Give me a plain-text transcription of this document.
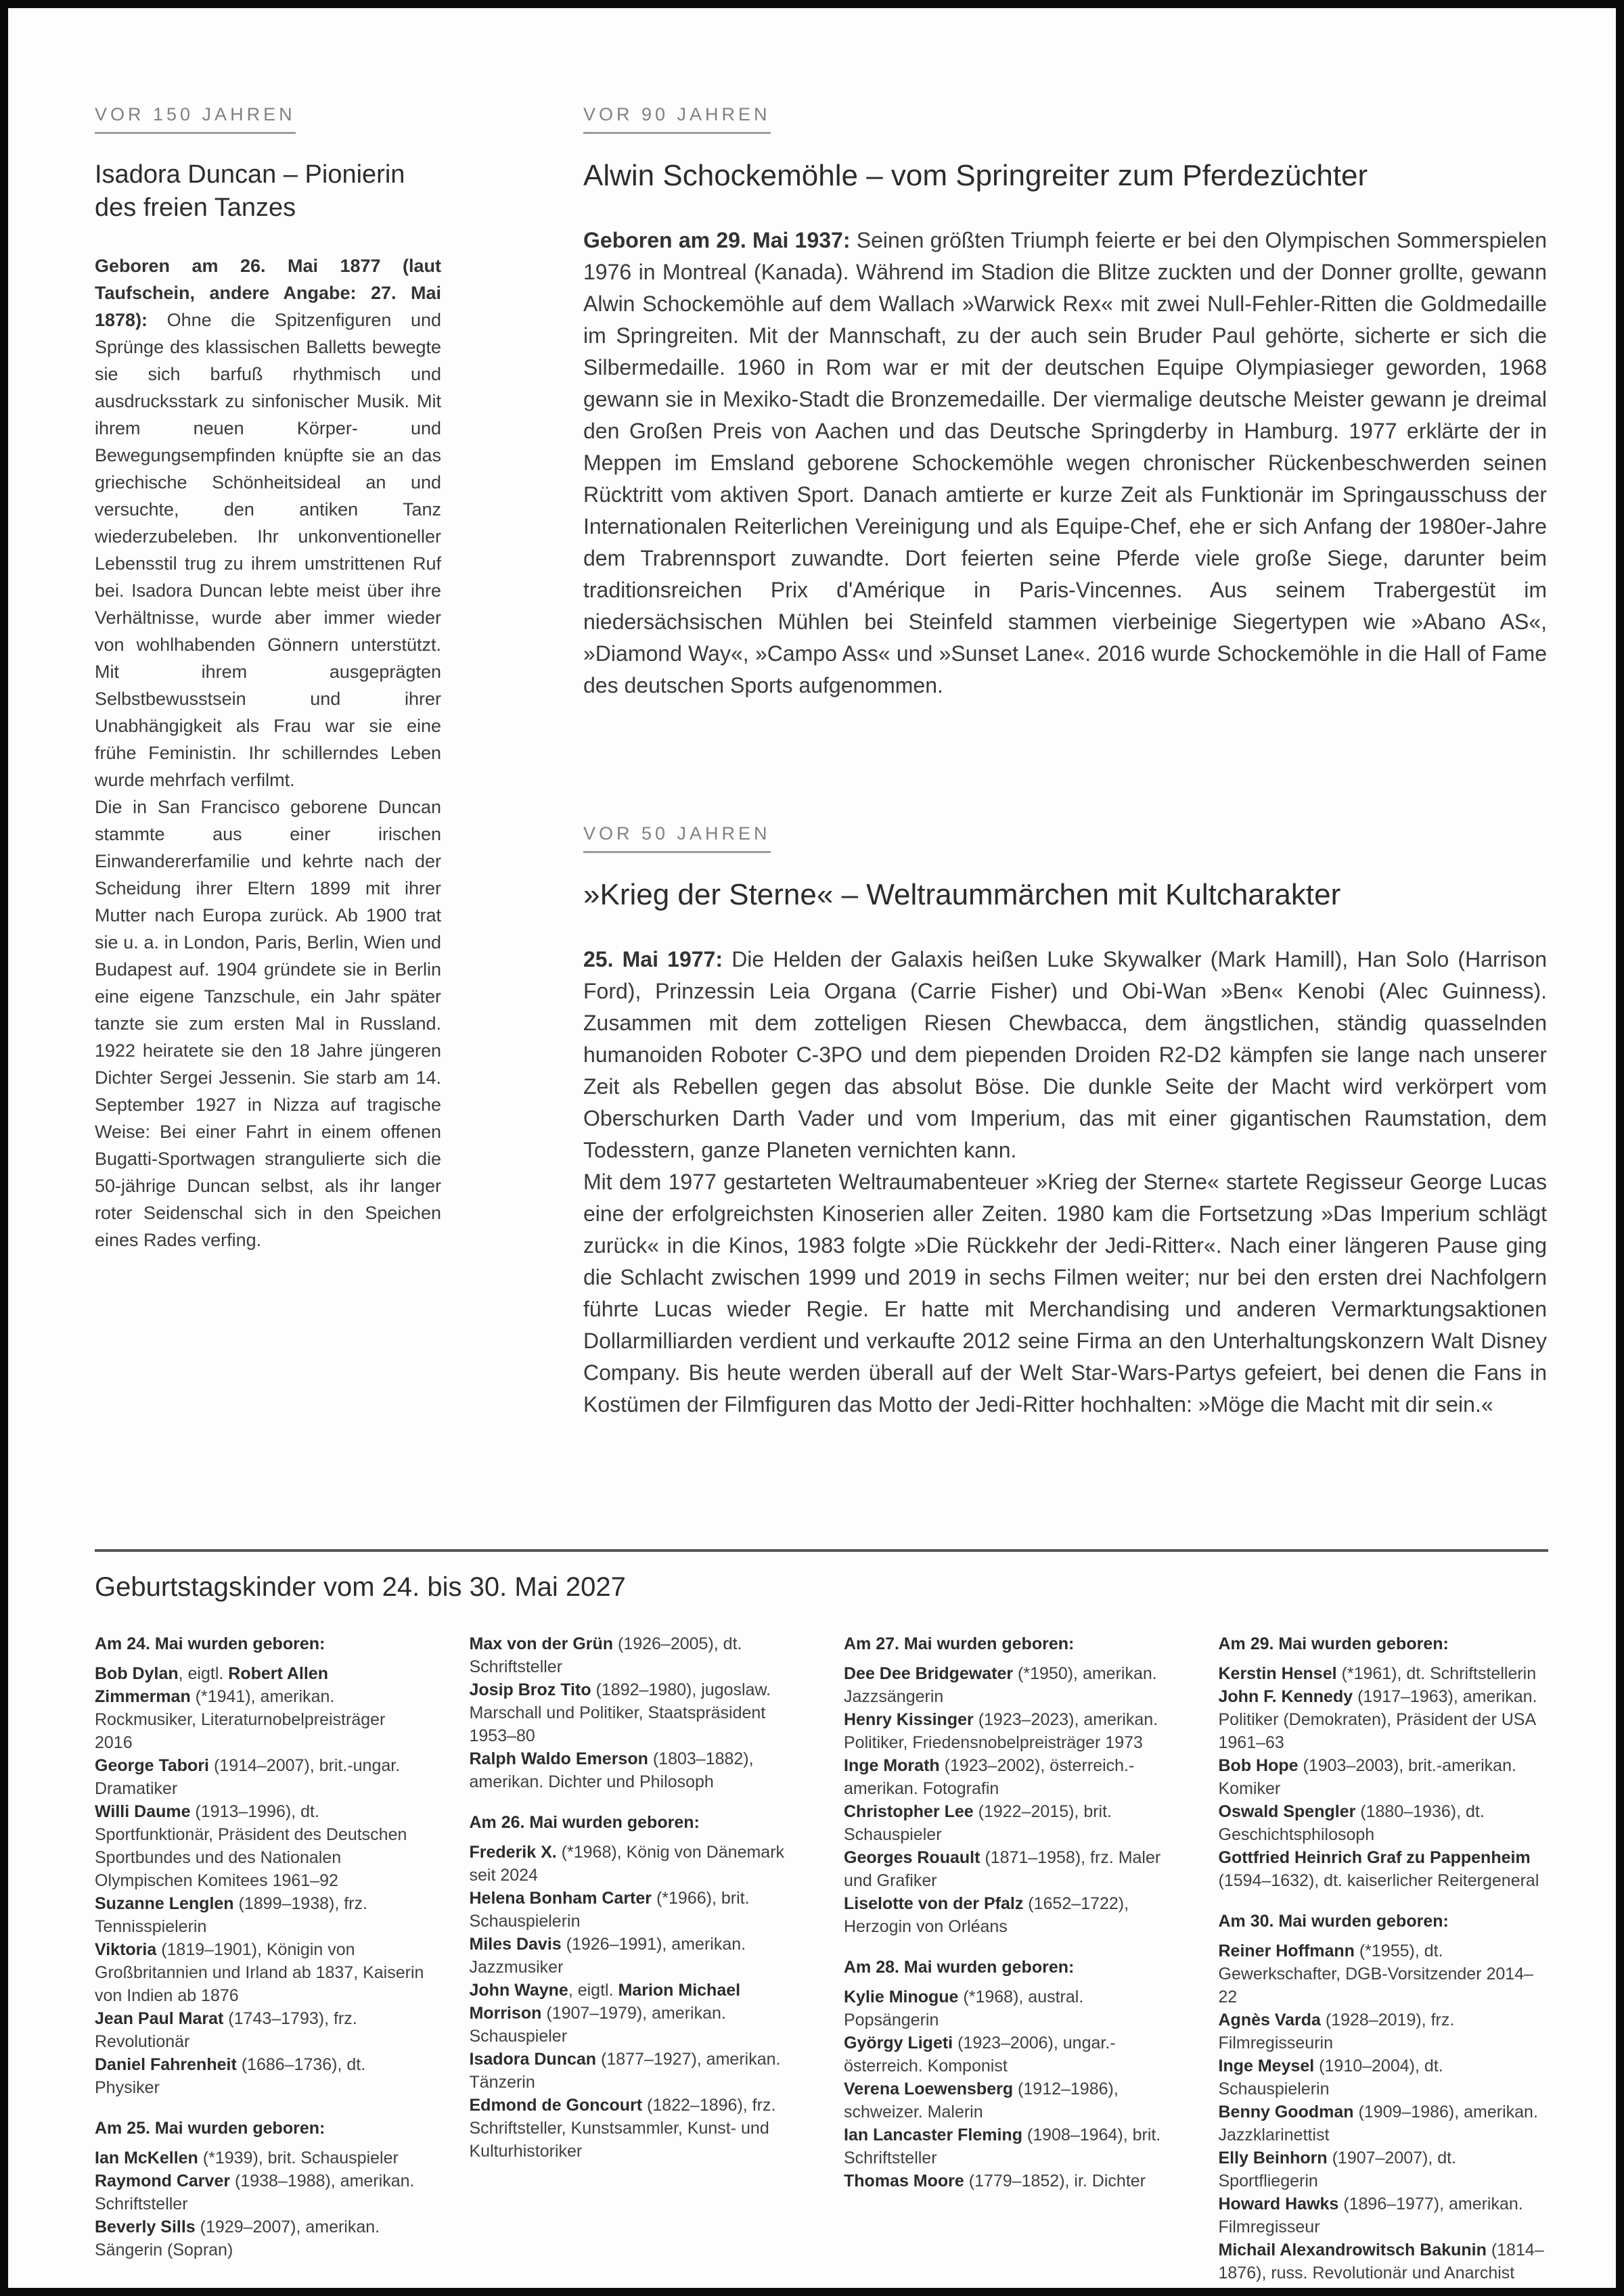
VOR 150 JAHREN
Isadora Duncan – Pionierin des freien Tanzes

Geboren am 26. Mai 1877 (laut Taufschein, andere Angabe: 27. Mai 1878): Ohne die Spitzenfiguren und Sprünge des klassischen Balletts bewegte sie sich barfuß rhythmisch und ausdrucksstark zu sinfonischer Musik. Mit ihrem neuen Körper- und Bewegungsempfinden knüpfte sie an das griechische Schönheitsideal an und versuchte, den antiken Tanz wiederzubeleben. Ihr unkonventioneller Lebensstil trug zu ihrem umstrittenen Ruf bei. Isadora Duncan lebte meist über ihre Verhältnisse, wurde aber immer wieder von wohlhabenden Gönnern unterstützt. Mit ihrem ausgeprägten Selbstbewusstsein und ihrer Unabhängigkeit als Frau war sie eine frühe Feministin. Ihr schillerndes Leben wurde mehrfach verfilmt.

Die in San Francisco geborene Duncan stammte aus einer irischen Einwandererfamilie und kehrte nach der Scheidung ihrer Eltern 1899 mit ihrer Mutter nach Europa zurück. Ab 1900 trat sie u. a. in London, Paris, Berlin, Wien und Budapest auf. 1904 gründete sie in Berlin eine eigene Tanzschule, ein Jahr später tanzte sie zum ersten Mal in Russland. 1922 heiratete sie den 18 Jahre jüngeren Dichter Sergei Jessenin. Sie starb am 14. September 1927 in Nizza auf tragische Weise: Bei einer Fahrt in einem offenen Bugatti-Sportwagen strangulierte sich die 50-jährige Duncan selbst, als ihr langer roter Seidenschal sich in den Speichen eines Rades verfing.

VOR 90 JAHREN
Alwin Schockemöhle – vom Springreiter zum Pferdezüchter

Geboren am 29. Mai 1937: Seinen größten Triumph feierte er bei den Olympischen Sommerspielen 1976 in Montreal (Kanada). Während im Stadion die Blitze zuckten und der Donner grollte, gewann Alwin Schockemöhle auf dem Wallach »Warwick Rex« mit zwei Null-Fehler-Ritten die Goldmedaille im Springreiten. Mit der Mannschaft, zu der auch sein Bruder Paul gehörte, sicherte er sich die Silbermedaille. 1960 in Rom war er mit der deutschen Equipe Olympiasieger geworden, 1968 gewann sie in Mexiko-Stadt die Bronzemedaille. Der viermalige deutsche Meister gewann je dreimal den Großen Preis von Aachen und das Deutsche Springderby in Hamburg. 1977 erklärte der in Meppen im Emsland geborene Schockemöhle wegen chronischer Rückenbeschwerden seinen Rücktritt vom aktiven Sport. Danach amtierte er kurze Zeit als Funktionär im Springausschuss der Internationalen Reiterlichen Vereinigung und als Equipe-Chef, ehe er sich Anfang der 1980er-Jahre dem Trabrennsport zuwandte. Dort feierten seine Pferde viele große Siege, darunter beim traditionsreichen Prix d'Amérique in Paris-Vincennes. Aus seinem Trabergestüt im niedersächsischen Mühlen bei Steinfeld stammen vierbeinige Siegertypen wie »Abano AS«, »Diamond Way«, »Campo Ass« und »Sunset Lane«. 2016 wurde Schockemöhle in die Hall of Fame des deutschen Sports aufgenommen.

VOR 50 JAHREN
»Krieg der Sterne« – Weltraummärchen mit Kultcharakter

25. Mai 1977: Die Helden der Galaxis heißen Luke Skywalker (Mark Hamill), Han Solo (Harrison Ford), Prinzessin Leia Organa (Carrie Fisher) und Obi-Wan »Ben« Kenobi (Alec Guinness). Zusammen mit dem zotteligen Riesen Chewbacca, dem ängstlichen, ständig quasselnden humanoiden Roboter C-3PO und dem piependen Droiden R2-D2 kämpfen sie lange nach unserer Zeit als Rebellen gegen das absolut Böse. Die dunkle Seite der Macht wird verkörpert vom Oberschurken Darth Vader und vom Imperium, das mit einer gigantischen Raumstation, dem Todesstern, ganze Planeten vernichten kann.

Mit dem 1977 gestarteten Weltraumabenteuer »Krieg der Sterne« startete Regisseur George Lucas eine der erfolgreichsten Kinoserien aller Zeiten. 1980 kam die Fortsetzung »Das Imperium schlägt zurück« in die Kinos, 1983 folgte »Die Rückkehr der Jedi-Ritter«. Nach einer längeren Pause ging die Schlacht zwischen 1999 und 2019 in sechs Filmen weiter; nur bei den ersten drei Nachfolgern führte Lucas wieder Regie. Er hatte mit Merchandising und anderen Vermarktungsaktionen Dollarmilliarden verdient und verkaufte 2012 seine Firma an den Unterhaltungskonzern Walt Disney Company. Bis heute werden überall auf der Welt Star-Wars-Partys gefeiert, bei denen die Fans in Kostümen der Filmfiguren das Motto der Jedi-Ritter hochhalten: »Möge die Macht mit dir sein.«

Geburtstagskinder vom 24. bis 30. Mai 2027
Am 24. Mai wurden geboren:
Bob Dylan, eigtl. Robert Allen Zimmerman (*1941), amerikan. Rockmusiker, Literaturnobelpreisträger 2016
George Tabori (1914–2007), brit.-ungar. Dramatiker
Willi Daume (1913–1996), dt. Sportfunktionär, Präsident des Deutschen Sportbundes und des Nationalen Olympischen Komitees 1961–92
Suzanne Lenglen (1899–1938), frz. Tennisspielerin
Viktoria (1819–1901), Königin von Großbritannien und Irland ab 1837, Kaiserin von Indien ab 1876
Jean Paul Marat (1743–1793), frz. Revolutionär
Daniel Fahrenheit (1686–1736), dt. Physiker
Am 25. Mai wurden geboren:
Ian McKellen (*1939), brit. Schauspieler
Raymond Carver (1938–1988), amerikan. Schriftsteller
Beverly Sills (1929–2007), amerikan. Sängerin (Sopran)
Max von der Grün (1926–2005), dt. Schriftsteller
Josip Broz Tito (1892–1980), jugoslaw. Marschall und Politiker, Staatspräsident 1953–80
Ralph Waldo Emerson (1803–1882), amerikan. Dichter und Philosoph
Am 26. Mai wurden geboren:
Frederik X. (*1968), König von Dänemark seit 2024
Helena Bonham Carter (*1966), brit. Schauspielerin
Miles Davis (1926–1991), amerikan. Jazzmusiker
John Wayne, eigtl. Marion Michael Morrison (1907–1979), amerikan. Schauspieler
Isadora Duncan (1877–1927), amerikan. Tänzerin
Edmond de Goncourt (1822–1896), frz. Schriftsteller, Kunstsammler, Kunst- und Kulturhistoriker
Am 27. Mai wurden geboren:
Dee Dee Bridgewater (*1950), amerikan. Jazzsängerin
Henry Kissinger (1923–2023), amerikan. Politiker, Friedensnobelpreisträger 1973
Inge Morath (1923–2002), österreich.-amerikan. Fotografin
Christopher Lee (1922–2015), brit. Schauspieler
Georges Rouault (1871–1958), frz. Maler und Grafiker
Liselotte von der Pfalz (1652–1722), Herzogin von Orléans
Am 28. Mai wurden geboren:
Kylie Minogue (*1968), austral. Popsängerin
György Ligeti (1923–2006), ungar.-österreich. Komponist
Verena Loewensberg (1912–1986), schweizer. Malerin
Ian Lancaster Fleming (1908–1964), brit. Schriftsteller
Thomas Moore (1779–1852), ir. Dichter
Am 29. Mai wurden geboren:
Kerstin Hensel (*1961), dt. Schriftstellerin
John F. Kennedy (1917–1963), amerikan. Politiker (Demokraten), Präsident der USA 1961–63
Bob Hope (1903–2003), brit.-amerikan. Komiker
Oswald Spengler (1880–1936), dt. Geschichtsphilosoph
Gottfried Heinrich Graf zu Pappenheim (1594–1632), dt. kaiserlicher Reitergeneral
Am 30. Mai wurden geboren:
Reiner Hoffmann (*1955), dt. Gewerkschafter, DGB-Vorsitzender 2014–22
Agnès Varda (1928–2019), frz. Filmregisseurin
Inge Meysel (1910–2004), dt. Schauspielerin
Benny Goodman (1909–1986), amerikan. Jazzklarinettist
Elly Beinhorn (1907–2007), dt. Sportfliegerin
Howard Hawks (1896–1977), amerikan. Filmregisseur
Michail Alexandrowitsch Bakunin (1814–1876), russ. Revolutionär und Anarchist
